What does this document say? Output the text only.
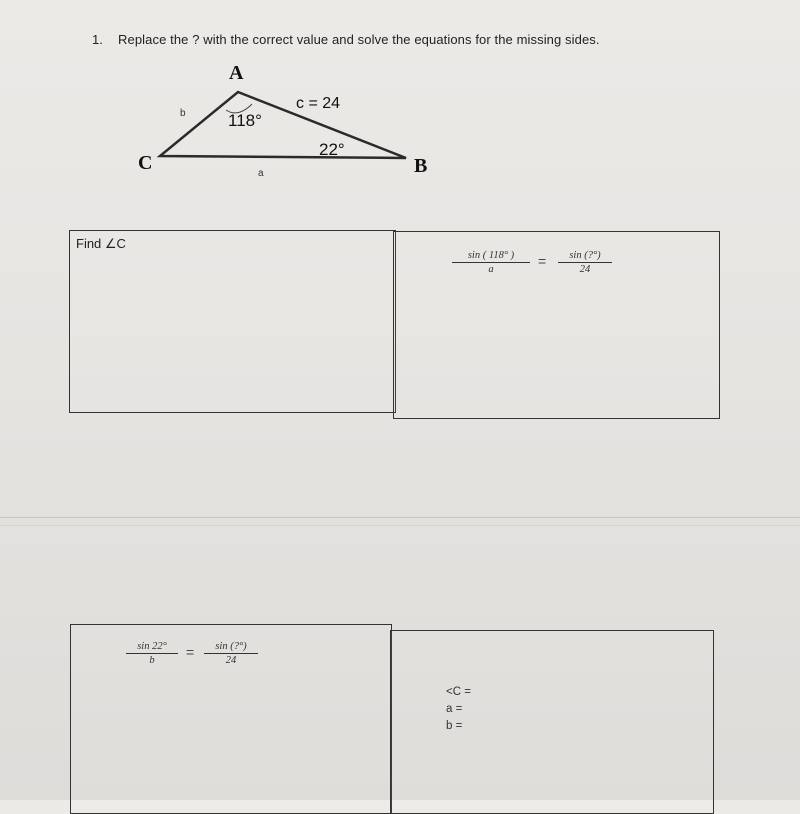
1. Replace the ? with the correct value and solve the equations for the missing sides.
A
B
C
b
a
c = 24
118°
22°
Find ∠C
$\frac{\sin ( 118^\circ )}{a} = \frac{\sin (?^\circ)}{24}$
$\frac{\sin 22^\circ}{b} = \frac{\sin (?^\circ)}{24}$
<C =
a =
b =
